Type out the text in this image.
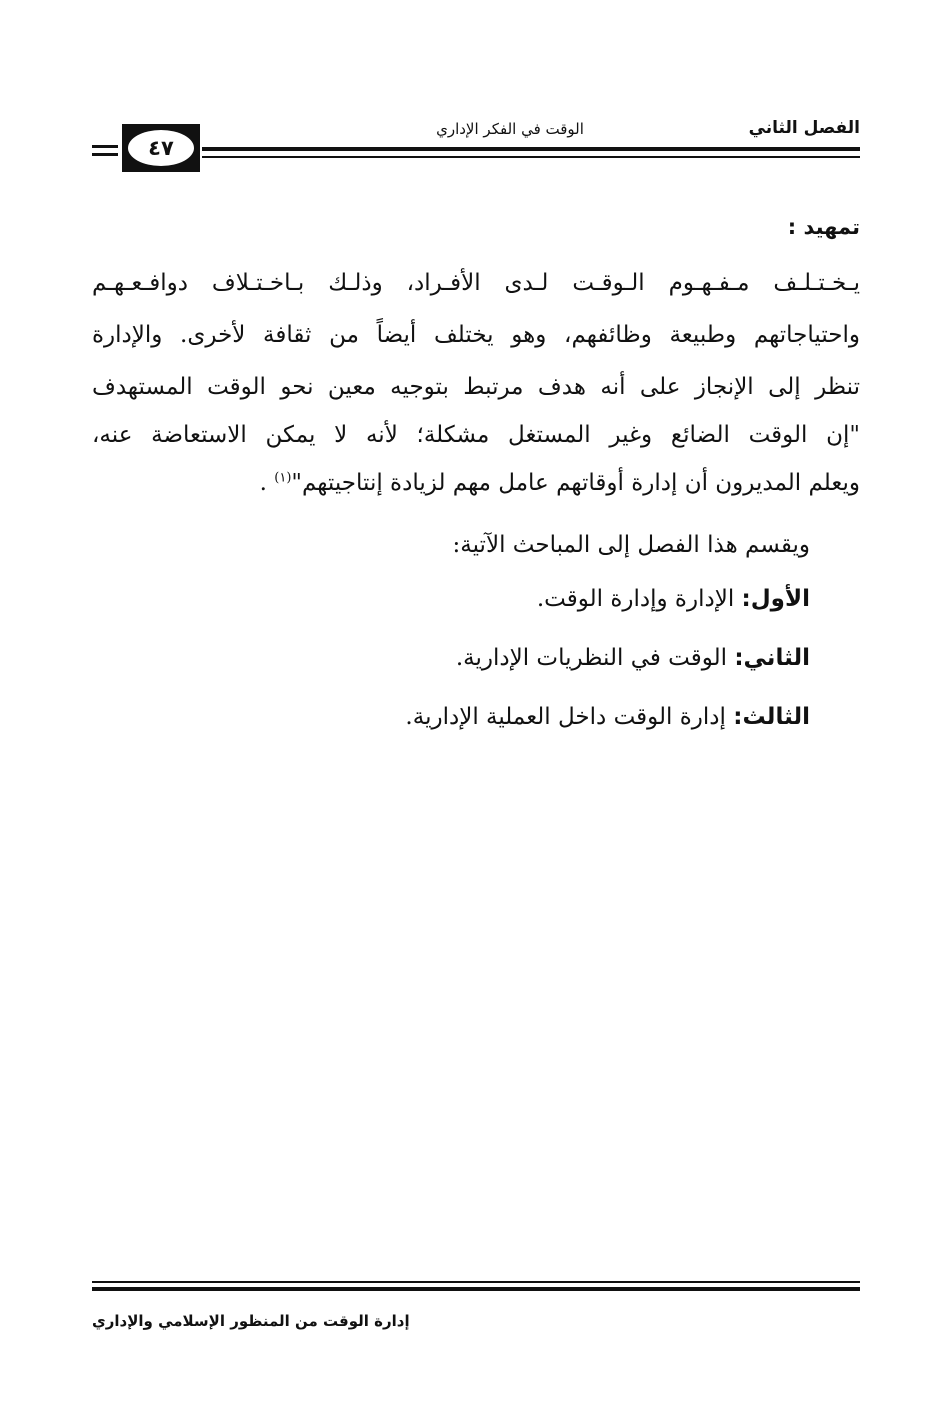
الفصل الثاني
الوقت في الفكر الإداري
٤٧
تمهيد :
يـخـتـلـف مـفـهـوم الـوقـت لـدى الأفـراد، وذلـك بـاخـتـلاف دوافـعـهـم
واحتياجاتهم وطبيعة وظائفهم، وهو يختلف أيضاً من ثقافة لأخرى. والإدارة
تنظر إلى الإنجاز على أنه هدف مرتبط بتوجيه معين نحو الوقت المستهدف
"إن الوقت الضائع وغير المستغل مشكلة؛ لأنه لا يمكن الاستعاضة عنه،
ويعلم المديرون أن إدارة أوقاتهم عامل مهم لزيادة إنتاجيتهم"$^{(١)}$ .
ويقسم هذا الفصل إلى المباحث الآتية:
الأول: الإدارة وإدارة الوقت.
الثاني: الوقت في النظريات الإدارية.
الثالث: إدارة الوقت داخل العملية الإدارية.
إدارة الوقت من المنظور الإسلامي والإداري
